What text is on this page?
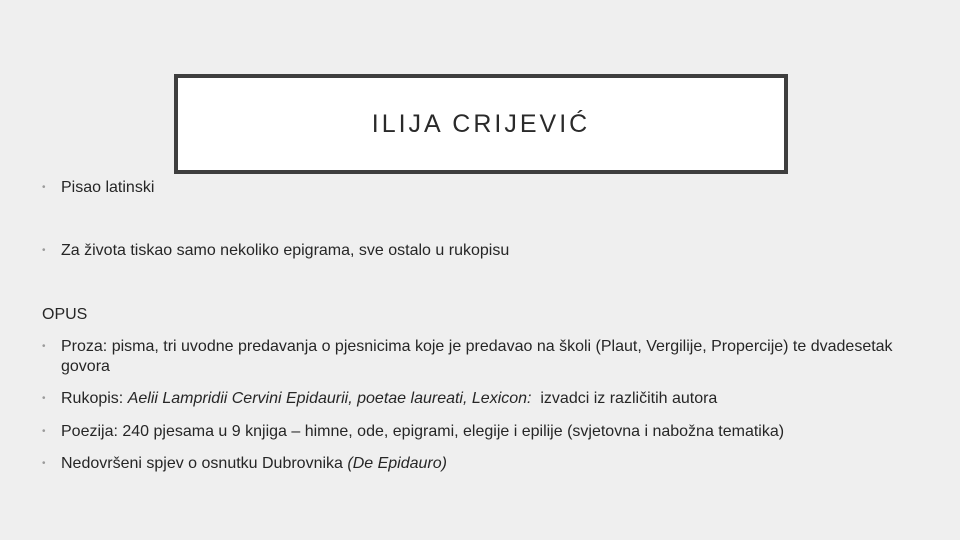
ILIJA CRIJEVIĆ
• Pisao latinski
• Za života tiskao samo nekoliko epigrama, sve ostalo u rukopisu
OPUS
• Proza: pisma, tri uvodne predavanja o pjesnicima koje je predavao na školi (Plaut, Vergilije, Propercije) te dvadesetak govora
• Rukopis: Aelii Lampridii Cervini Epidaurii, poetae laureati, Lexicon:  izvadci iz različitih autora
• Poezija: 240 pjesama u 9 knjiga – himne, ode, epigrami, elegije i epilije (svjetovna i nabožna tematika)
• Nedovršeni spjev o osnutku Dubrovnika (De Epidauro)
